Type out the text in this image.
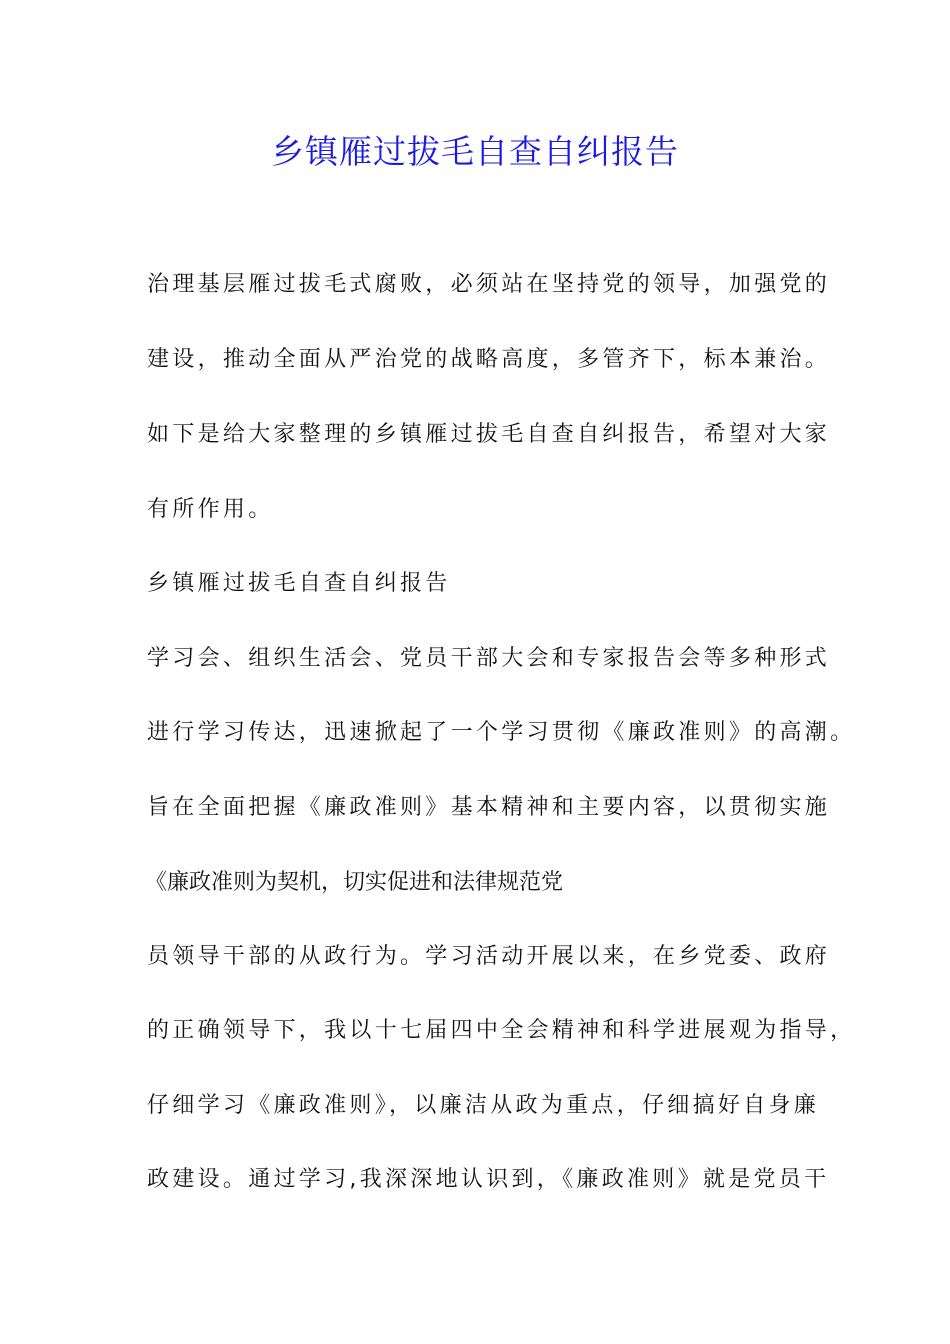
乡镇雁过拔毛自查自纠报告
治理基层雁过拔毛式腐败，必须站在坚持党的领导，加强党的
建设，推动全面从严治党的战略高度，多管齐下，标本兼治。
如下是给大家整理的乡镇雁过拔毛自查自纠报告，希望对大家
有所作用。
乡镇雁过拔毛自查自纠报告
学习会、组织生活会、党员干部大会和专家报告会等多种形式
进行学习传达，迅速掀起了一个学习贯彻《廉政准则》的高潮。
旨在全面把握《廉政准则》基本精神和主要内容，以贯彻实施
《廉政准则为契机，切实促进和法律规范党
员领导干部的从政行为。学习活动开展以来，在乡党委、政府
的正确领导下，我以十七届四中全会精神和科学进展观为指导，
仔细学习《廉政准则》，以廉洁从政为重点，仔细搞好自身廉
政建设。通过学习,我深深地认识到，《廉政准则》就是党员干
